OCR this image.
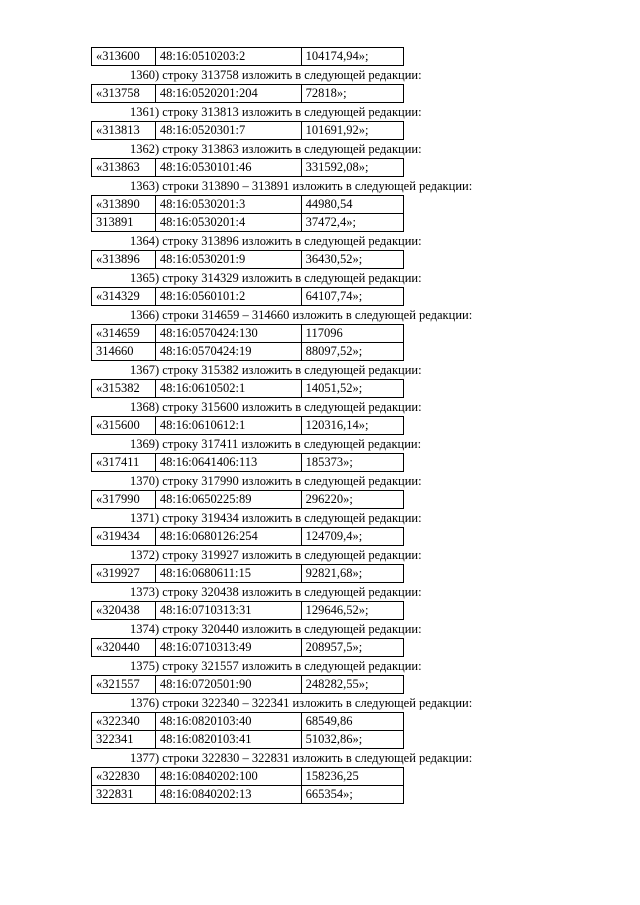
«313600	48:16:0510203:2	104174,94»;
1360) строку 313758 изложить в следующей редакции:
«313758	48:16:0520201:204	72818»;
1361) строку 313813 изложить в следующей редакции:
«313813	48:16:0520301:7	101691,92»;
1362) строку 313863 изложить в следующей редакции:
«313863	48:16:0530101:46	331592,08»;
1363) строки 313890 – 313891 изложить в следующей редакции:
«313890	48:16:0530201:3	44980,54
313891	48:16:0530201:4	37472,4»;
1364) строку 313896 изложить в следующей редакции:
«313896	48:16:0530201:9	36430,52»;
1365) строку 314329 изложить в следующей редакции:
«314329	48:16:0560101:2	64107,74»;
1366) строки 314659 – 314660 изложить в следующей редакции:
«314659	48:16:0570424:130	117096
314660	48:16:0570424:19	88097,52»;
1367) строку 315382 изложить в следующей редакции:
«315382	48:16:0610502:1	14051,52»;
1368) строку 315600 изложить в следующей редакции:
«315600	48:16:0610612:1	120316,14»;
1369) строку 317411 изложить в следующей редакции:
«317411	48:16:0641406:113	185373»;
1370) строку 317990 изложить в следующей редакции:
«317990	48:16:0650225:89	296220»;
1371) строку 319434 изложить в следующей редакции:
«319434	48:16:0680126:254	124709,4»;
1372) строку 319927 изложить в следующей редакции:
«319927	48:16:0680611:15	92821,68»;
1373) строку 320438 изложить в следующей редакции:
«320438	48:16:0710313:31	129646,52»;
1374) строку 320440 изложить в следующей редакции:
«320440	48:16:0710313:49	208957,5»;
1375) строку 321557 изложить в следующей редакции:
«321557	48:16:0720501:90	248282,55»;
1376) строки 322340 – 322341 изложить в следующей редакции:
«322340	48:16:0820103:40	68549,86
322341	48:16:0820103:41	51032,86»;
1377) строки 322830 – 322831 изложить в следующей редакции:
«322830	48:16:0840202:100	158236,25
322831	48:16:0840202:13	665354»;
